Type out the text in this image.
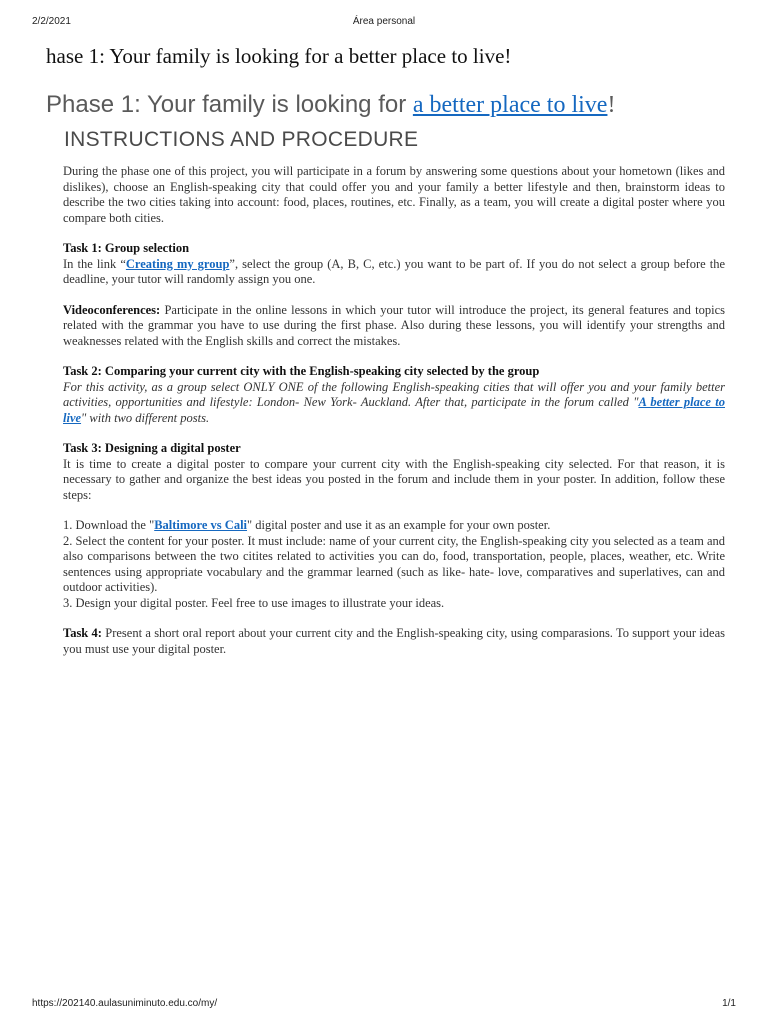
2/2/2021	Área personal
hase 1: Your family is looking for a better place to live!
Phase 1: Your family is looking for a better place to live!
INSTRUCTIONS AND PROCEDURE

During the phase one of this project, you will participate in a forum by answering some questions about your hometown (likes and dislikes), choose an English-speaking city that could offer you and your family a better lifestyle and then, brainstorm ideas to describe the two cities taking into account: food, places, routines, etc. Finally, as a team, you will create a digital poster where you compare both cities.

Task 1: Group selection
In the link “Creating my group”, select the group (A, B, C, etc.) you want to be part of. If you do not select a group before the deadline, your tutor will randomly assign you one.

Videoconferences: Participate in the online lessons in which your tutor will introduce the project, its general features and topics related with the grammar you have to use during the first phase. Also during these lessons, you will identify your strengths and weaknesses related with the English skills and correct the mistakes.

Task 2: Comparing your current city with the English-speaking city selected by the group
For this activity, as a group select ONLY ONE of the following English-speaking cities that will offer you and your family better activities, opportunities and lifestyle: London- New York- Auckland. After that, participate in the forum called "A better place to live" with two different posts.

Task 3: Designing a digital poster
It is time to create a digital poster to compare your current city with the English-speaking city selected. For that reason, it is necessary to gather and organize the best ideas you posted in the forum and include them in your poster. In addition, follow these steps:

1. Download the "Baltimore vs Cali" digital poster and use it as an example for your own poster.

2. Select the content for your poster. It must include: name of your current city, the English-speaking city you selected as a team and also comparisons between the two citites related to activities you can do, food, transportation, people, places, weather, etc. Write sentences using appropriate vocabulary and the grammar learned (such as like- hate- love, comparatives and superlatives, can and outdoor activities).

3. Design your digital poster. Feel free to use images to illustrate your ideas.

Task 4: Present a short oral report about your current city and the English-speaking city, using comparasions. To support your ideas you must use your digital poster.

https://202140.aulasuniminuto.edu.co/my/	1/1
